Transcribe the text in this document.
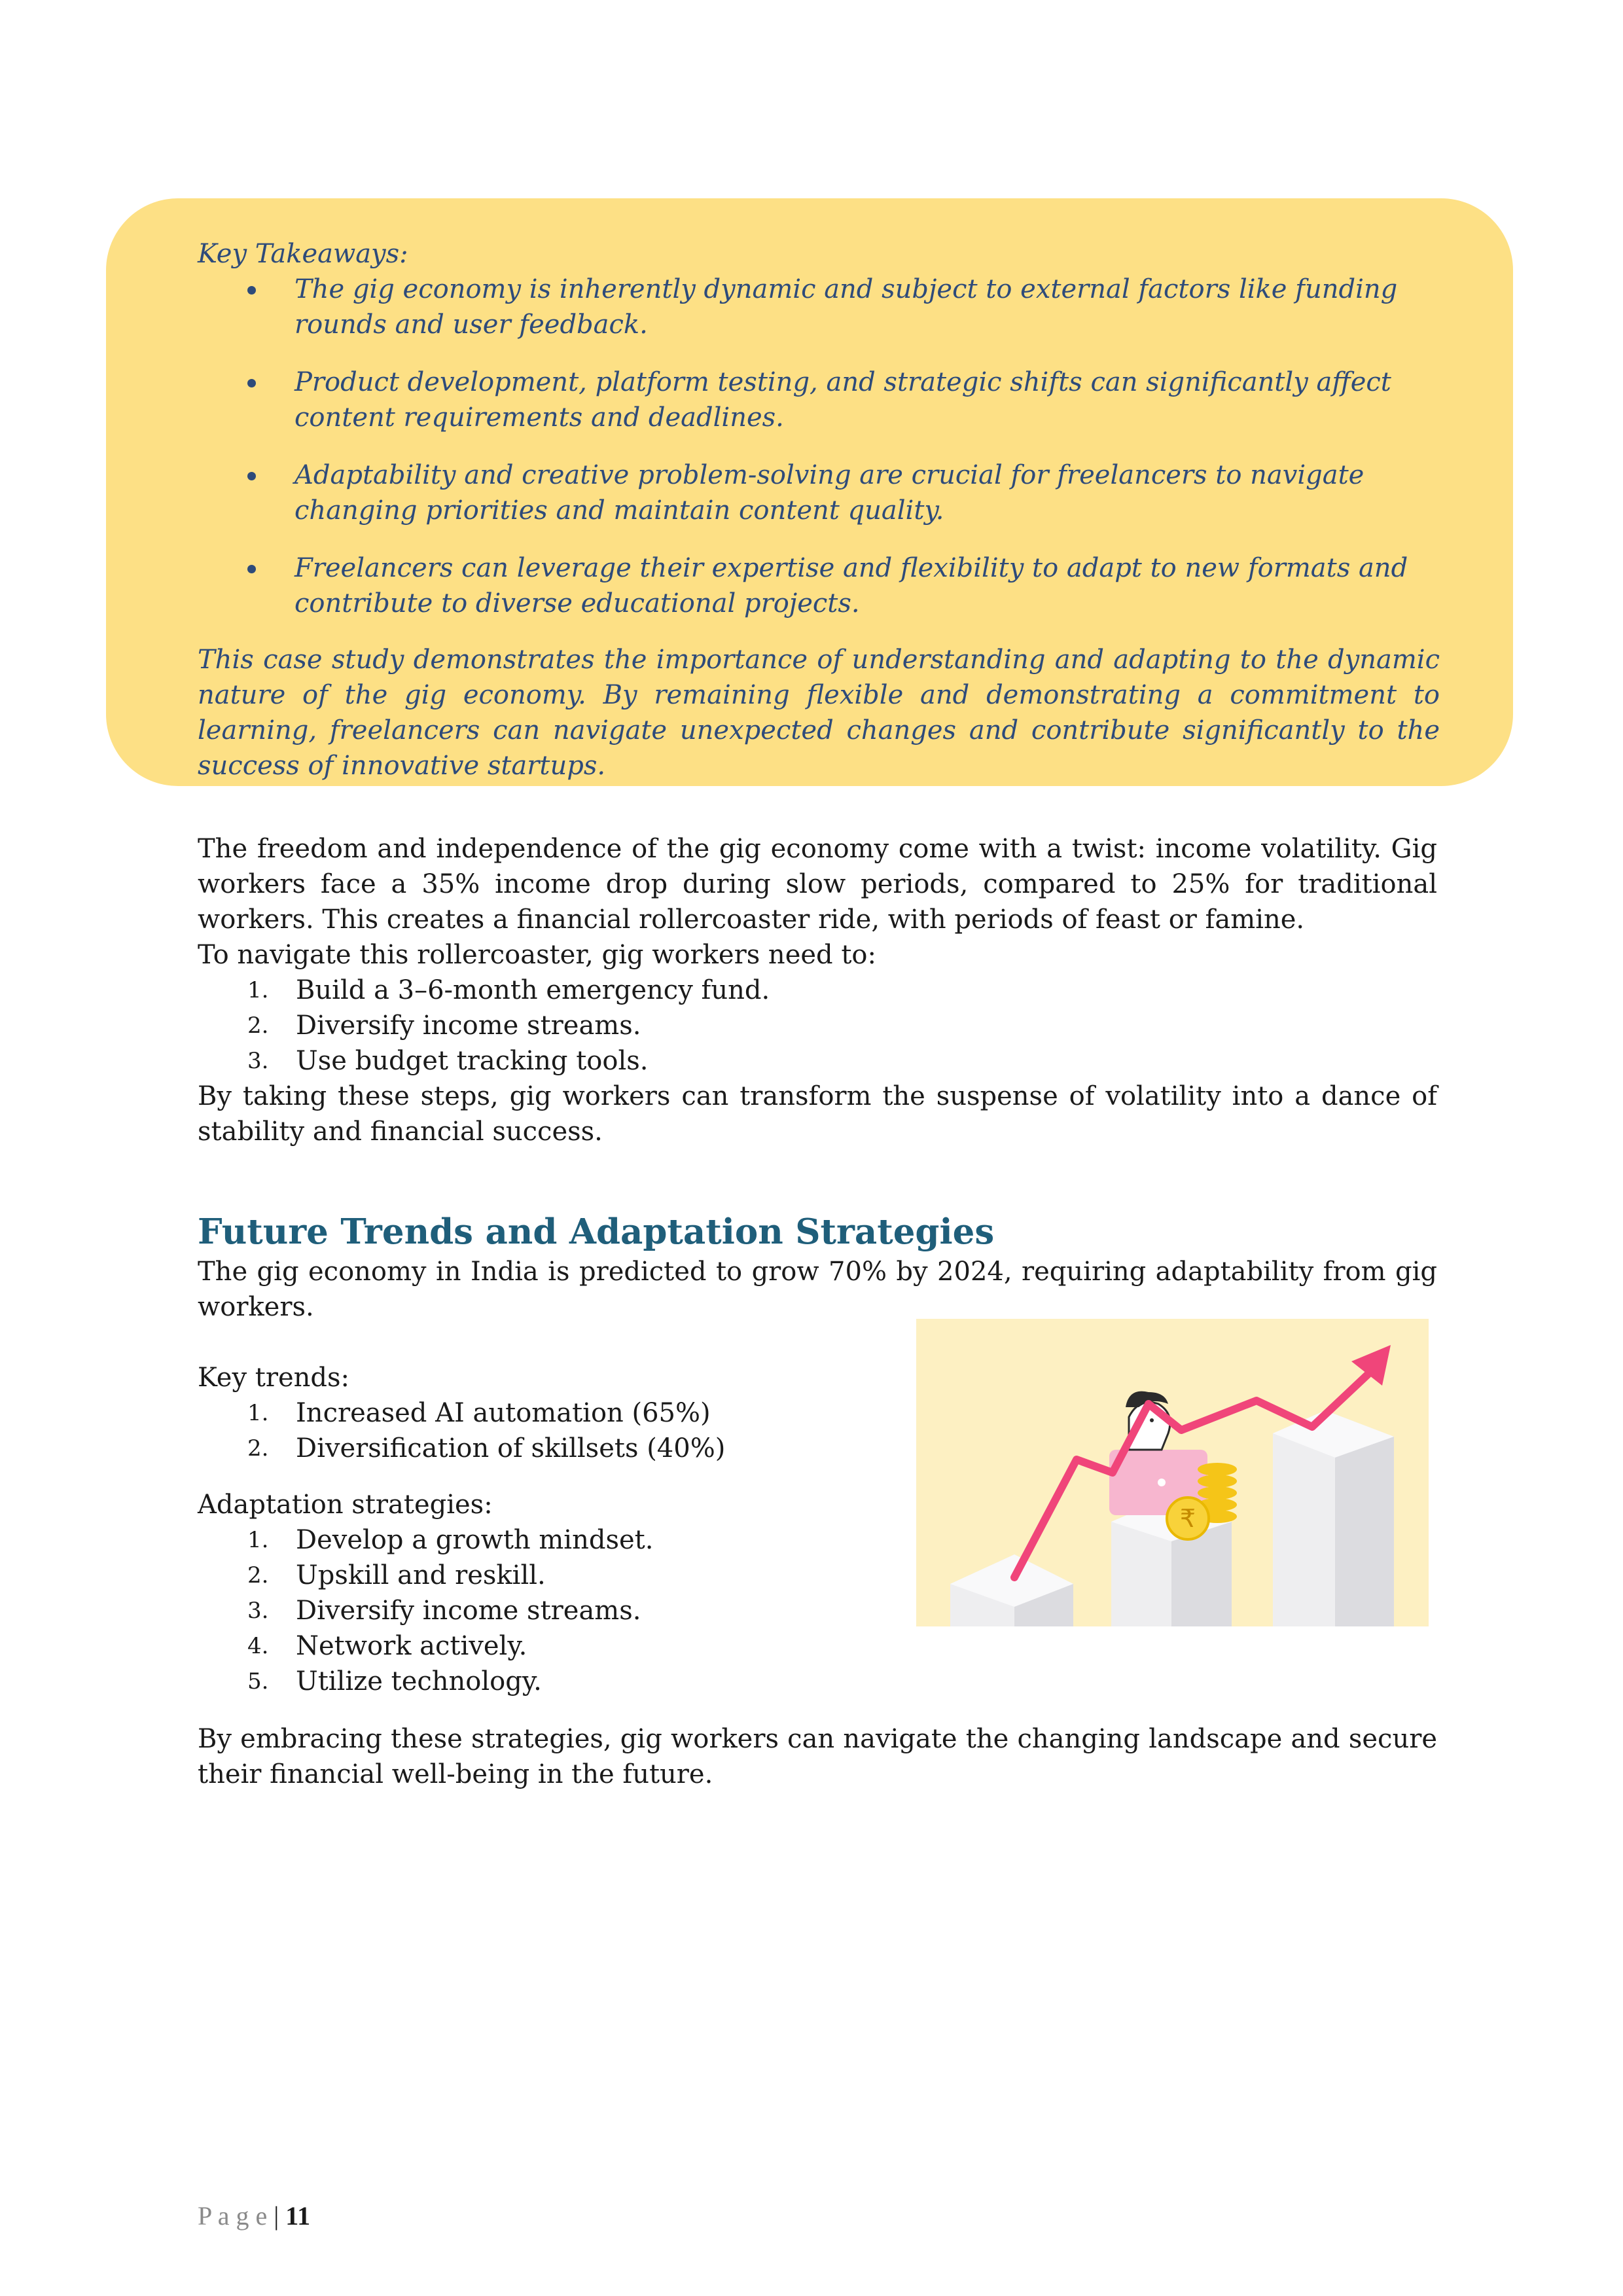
Key Takeaways:

The gig economy is inherently dynamic and subject to external factors like funding rounds and user feedback.
Product development, platform testing, and strategic shifts can significantly affect content requirements and deadlines.
Adaptability and creative problem-solving are crucial for freelancers to navigate changing priorities and maintain content quality.
Freelancers can leverage their expertise and flexibility to adapt to new formats and contribute to diverse educational projects.

This case study demonstrates the importance of understanding and adapting to the dynamic nature of the gig economy. By remaining flexible and demonstrating a commitment to learning, freelancers can navigate unexpected changes and contribute significantly to the success of innovative startups.

The freedom and independence of the gig economy come with a twist: income volatility. Gig workers face a 35% income drop during slow periods, compared to 25% for traditional workers. This creates a financial rollercoaster ride, with periods of feast or famine.

To navigate this rollercoaster, gig workers need to:

1. Build a 3–6-month emergency fund.
2. Diversify income streams.
3. Use budget tracking tools.

By taking these steps, gig workers can transform the suspense of volatility into a dance of stability and financial success.

Future Trends and Adaptation Strategies

The gig economy in India is predicted to grow 70% by 2024, requiring adaptability from gig workers.

Key trends:

1. Increased AI automation (65%)
2. Diversification of skillsets (40%)

Adaptation strategies:

1. Develop a growth mindset.
2. Upskill and reskill.
3. Diversify income streams.
4. Network actively.
5. Utilize technology.

By embracing these strategies, gig workers can navigate the changing landscape and secure their financial well-being in the future.

₹
P a g e | 11
